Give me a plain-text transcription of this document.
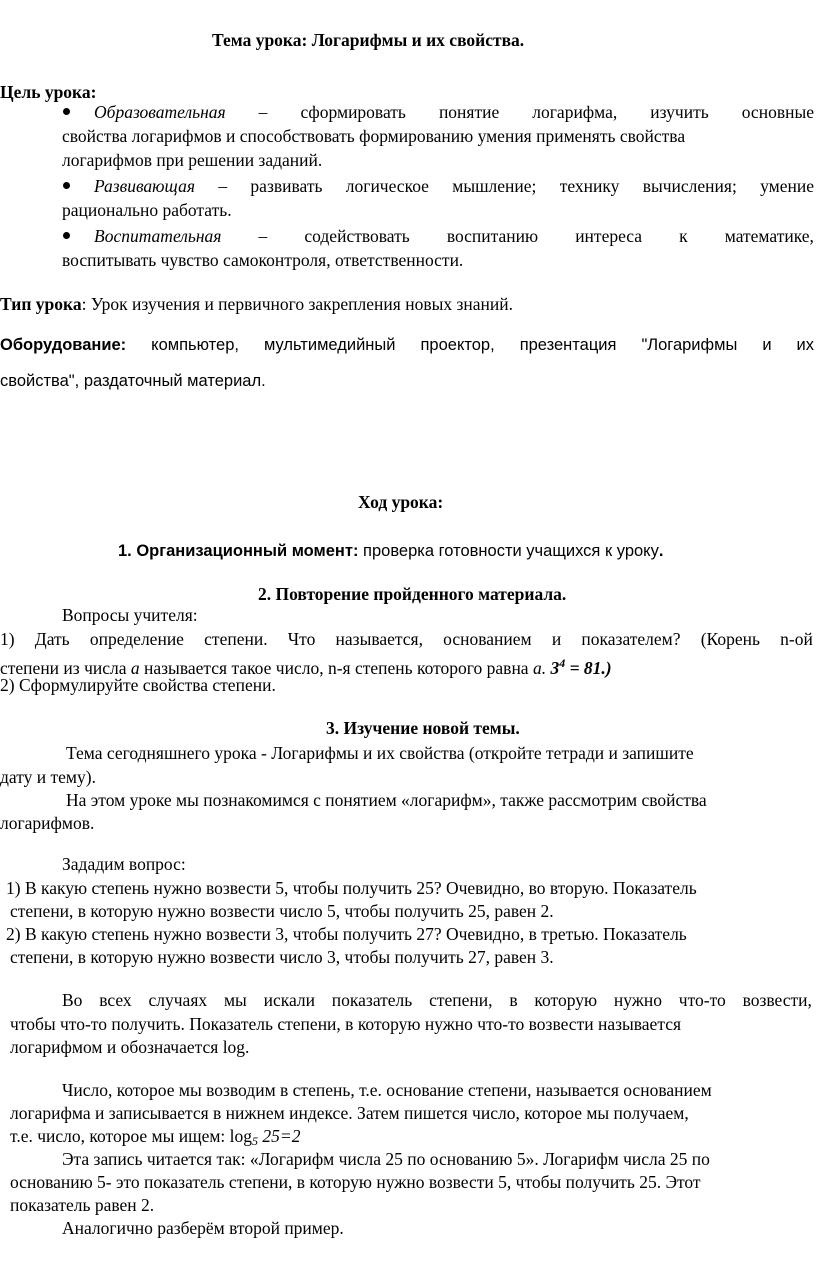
Тема урока: Логарифмы и их свойства.
Цель урока:
Образовательная – сформировать понятие логарифма, изучить основные
свойства логарифмов и способствовать формированию умения применять свойства
логарифмов при решении заданий.
Развивающая – развивать логическое мышление; технику вычисления; умение
рационально работать.
Воспитательная – содействовать воспитанию интереса к математике,
воспитывать чувство самоконтроля, ответственности.
Тип урока: Урок изучения и первичного закрепления новых знаний.
Оборудование: компьютер, мультимедийный проектор, презентация "Логарифмы и их
свойства", раздаточный материал.
Ход урока:
1. Организационный момент: проверка готовности учащихся к уроку.
2. Повторение пройденного материала.
Вопросы учителя:
1) Дать определение степени. Что называется, основанием и показателем? (Корень n-ой
степени из числа а называется такое число, n-я степень которого равна а. $3^4 = 81$.)
2) Сформулируйте свойства степени.
3. Изучение новой темы.
Тема сегодняшнего урока - Логарифмы и их свойства (откройте тетради и запишите
дату и тему).
На этом уроке мы познакомимся с понятием «логарифм», также рассмотрим свойства
логарифмов.
Зададим вопрос:
1) В какую степень нужно возвести 5, чтобы получить 25? Очевидно, во вторую. Показатель
степени, в которую нужно возвести число 5, чтобы получить 25, равен 2.
2) В какую степень нужно возвести 3, чтобы получить 27? Очевидно, в третью. Показатель
степени, в которую нужно возвести число 3, чтобы получить 27, равен 3.
Во всех случаях мы искали показатель степени, в которую нужно что-то возвести,
чтобы что-то получить. Показатель степени, в которую нужно что-то возвести называется
логарифмом и обозначается log.
Число, которое мы возводим в степень, т.е. основание степени, называется основанием
логарифма и записывается в нижнем индексе. Затем пишется число, которое мы получаем,
т.е. число, которое мы ищем: $\log_5 25=2$
Эта запись читается так: «Логарифм числа 25 по основанию 5». Логарифм числа 25 по
основанию 5- это показатель степени, в которую нужно возвести 5, чтобы получить 25. Этот
показатель равен 2.
Аналогично разберём второй пример.
